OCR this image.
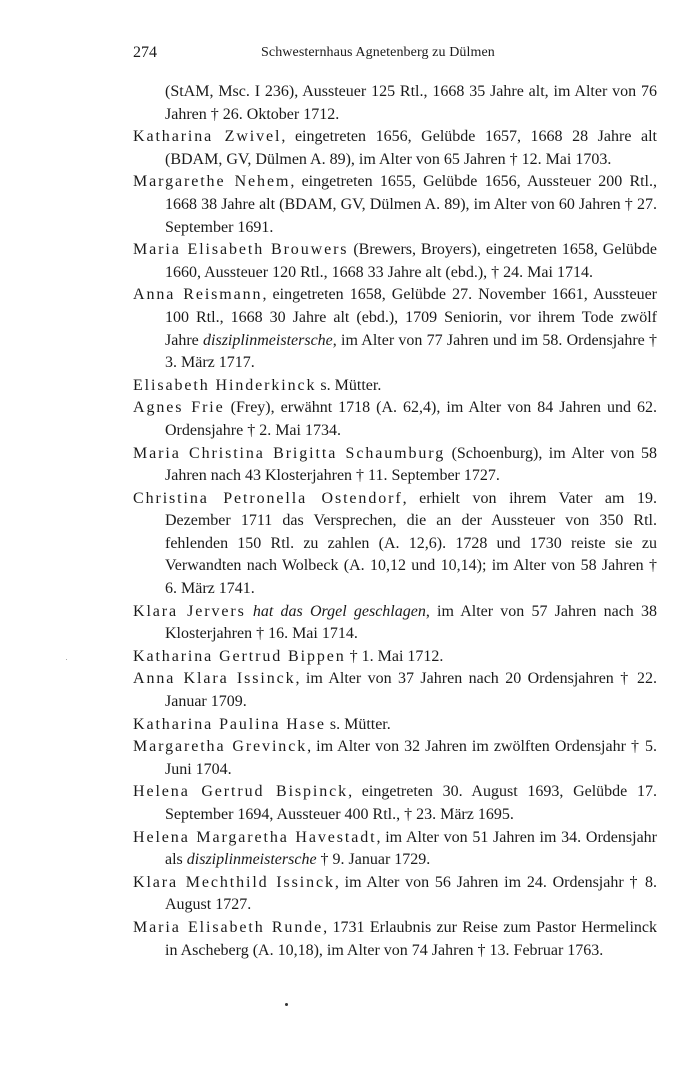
274	Schwesternhaus Agnetenberg zu Dülmen

(StAM, Msc. I 236), Aussteuer 125 Rtl., 1668 35 Jahre alt, im Alter von 76 Jahren † 26. Oktober 1712.

Katharina Zwivel, eingetreten 1656, Gelübde 1657, 1668 28 Jahre alt (BDAM, GV, Dülmen A. 89), im Alter von 65 Jahren † 12. Mai 1703.

Margarethe Nehem, eingetreten 1655, Gelübde 1656, Aussteuer 200 Rtl., 1668 38 Jahre alt (BDAM, GV, Dülmen A. 89), im Alter von 60 Jahren † 27. September 1691.

Maria Elisabeth Brouwers (Brewers, Broyers), eingetreten 1658, Gelübde 1660, Aussteuer 120 Rtl., 1668 33 Jahre alt (ebd.), † 24. Mai 1714.

Anna Reismann, eingetreten 1658, Gelübde 27. November 1661, Aussteuer 100 Rtl., 1668 30 Jahre alt (ebd.), 1709 Seniorin, vor ihrem Tode zwölf Jahre disziplinmeistersche, im Alter von 77 Jahren und im 58. Ordensjahre † 3. März 1717.

Elisabeth Hinderkinck s. Mütter.

Agnes Frie (Frey), erwähnt 1718 (A. 62,4), im Alter von 84 Jahren und 62. Ordensjahre † 2. Mai 1734.

Maria Christina Brigitta Schaumburg (Schoenburg), im Alter von 58 Jahren nach 43 Klosterjahren † 11. September 1727.

Christina Petronella Ostendorf, erhielt von ihrem Vater am 19. Dezember 1711 das Versprechen, die an der Aussteuer von 350 Rtl. fehlenden 150 Rtl. zu zahlen (A. 12,6). 1728 und 1730 reiste sie zu Verwandten nach Wolbeck (A. 10,12 und 10,14); im Alter von 58 Jahren † 6. März 1741.

Klara Jervers hat das Orgel geschlagen, im Alter von 57 Jahren nach 38 Klosterjahren † 16. Mai 1714.

Katharina Gertrud Bippen † 1. Mai 1712.

Anna Klara Issinck, im Alter von 37 Jahren nach 20 Ordensjahren † 22. Januar 1709.

Katharina Paulina Hase s. Mütter.

Margaretha Grevinck, im Alter von 32 Jahren im zwölften Ordensjahr † 5. Juni 1704.

Helena Gertrud Bispinck, eingetreten 30. August 1693, Gelübde 17. September 1694, Aussteuer 400 Rtl., † 23. März 1695.

Helena Margaretha Havestadt, im Alter von 51 Jahren im 34. Ordensjahr als disziplinmeistersche † 9. Januar 1729.

Klara Mechthild Issinck, im Alter von 56 Jahren im 24. Ordensjahr † 8. August 1727.

Maria Elisabeth Runde, 1731 Erlaubnis zur Reise zum Pastor Hermelinck in Ascheberg (A. 10,18), im Alter von 74 Jahren † 13. Februar 1763.
